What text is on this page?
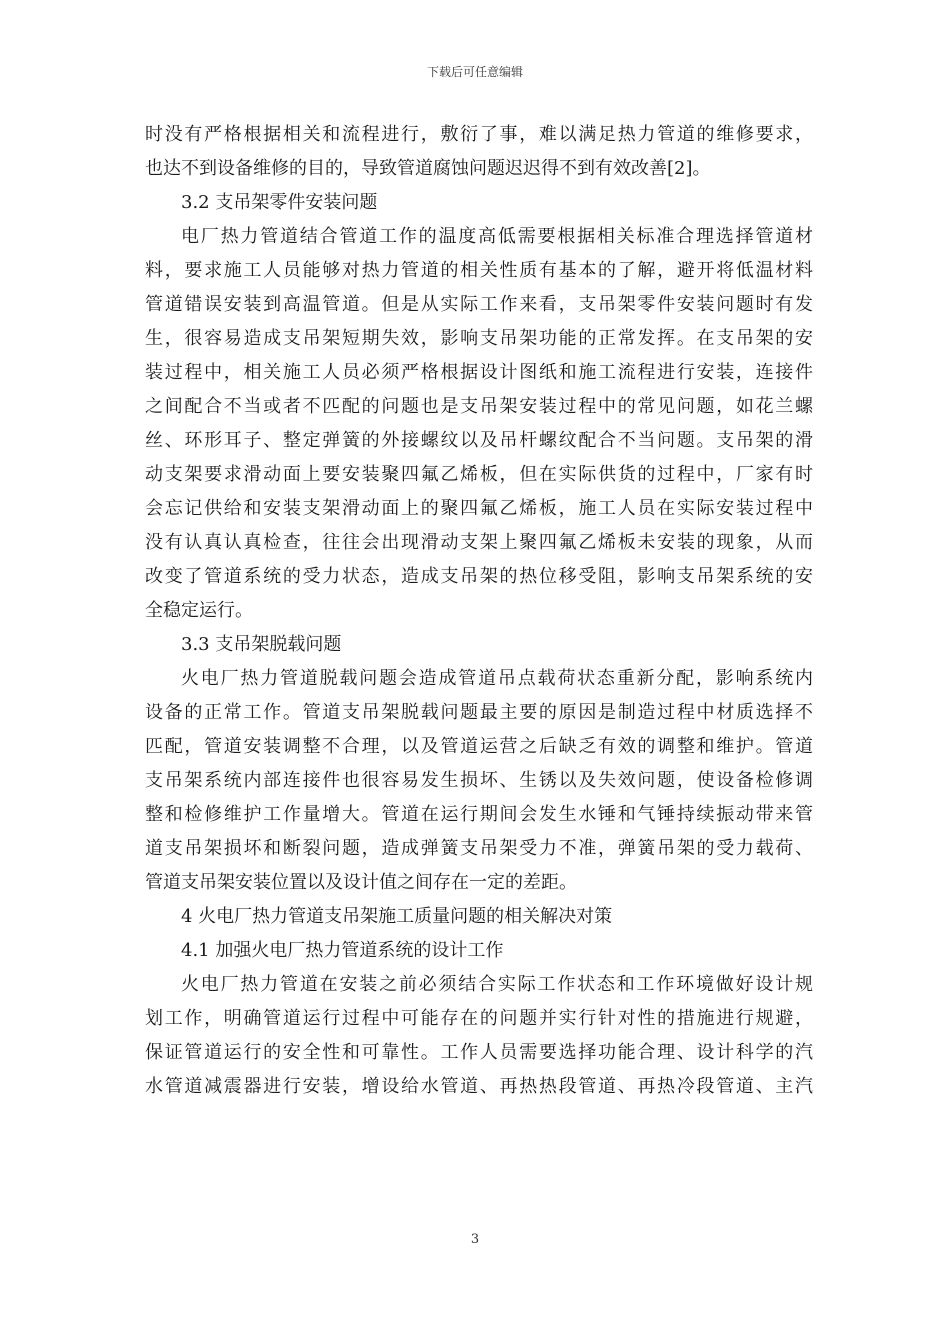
下载后可任意编辑
时没有严格根据相关和流程进行，敷衍了事，难以满足热力管道的维修要求，
也达不到设备维修的目的，导致管道腐蚀问题迟迟得不到有效改善[2]。
3.2 支吊架零件安装问题
电厂热力管道结合管道工作的温度高低需要根据相关标准合理选择管道材
料，要求施工人员能够对热力管道的相关性质有基本的了解，避开将低温材料
管道错误安装到高温管道。但是从实际工作来看，支吊架零件安装问题时有发
生，很容易造成支吊架短期失效，影响支吊架功能的正常发挥。在支吊架的安
装过程中，相关施工人员必须严格根据设计图纸和施工流程进行安装，连接件
之间配合不当或者不匹配的问题也是支吊架安装过程中的常见问题，如花兰螺
丝、环形耳子、整定弹簧的外接螺纹以及吊杆螺纹配合不当问题。支吊架的滑
动支架要求滑动面上要安装聚四氟乙烯板，但在实际供货的过程中，厂家有时
会忘记供给和安装支架滑动面上的聚四氟乙烯板，施工人员在实际安装过程中
没有认真认真检查，往往会出现滑动支架上聚四氟乙烯板未安装的现象，从而
改变了管道系统的受力状态，造成支吊架的热位移受阻，影响支吊架系统的安
全稳定运行。
3.3 支吊架脱载问题
火电厂热力管道脱载问题会造成管道吊点载荷状态重新分配，影响系统内
设备的正常工作。管道支吊架脱载问题最主要的原因是制造过程中材质选择不
匹配，管道安装调整不合理，以及管道运营之后缺乏有效的调整和维护。管道
支吊架系统内部连接件也很容易发生损坏、生锈以及失效问题，使设备检修调
整和检修维护工作量增大。管道在运行期间会发生水锤和气锤持续振动带来管
道支吊架损坏和断裂问题，造成弹簧支吊架受力不准，弹簧吊架的受力载荷、
管道支吊架安装位置以及设计值之间存在一定的差距。
4 火电厂热力管道支吊架施工质量问题的相关解决对策
4.1 加强火电厂热力管道系统的设计工作
火电厂热力管道在安装之前必须结合实际工作状态和工作环境做好设计规
划工作，明确管道运行过程中可能存在的问题并实行针对性的措施进行规避，
保证管道运行的安全性和可靠性。工作人员需要选择功能合理、设计科学的汽
水管道减震器进行安装，增设给水管道、再热热段管道、再热冷段管道、主汽
3
